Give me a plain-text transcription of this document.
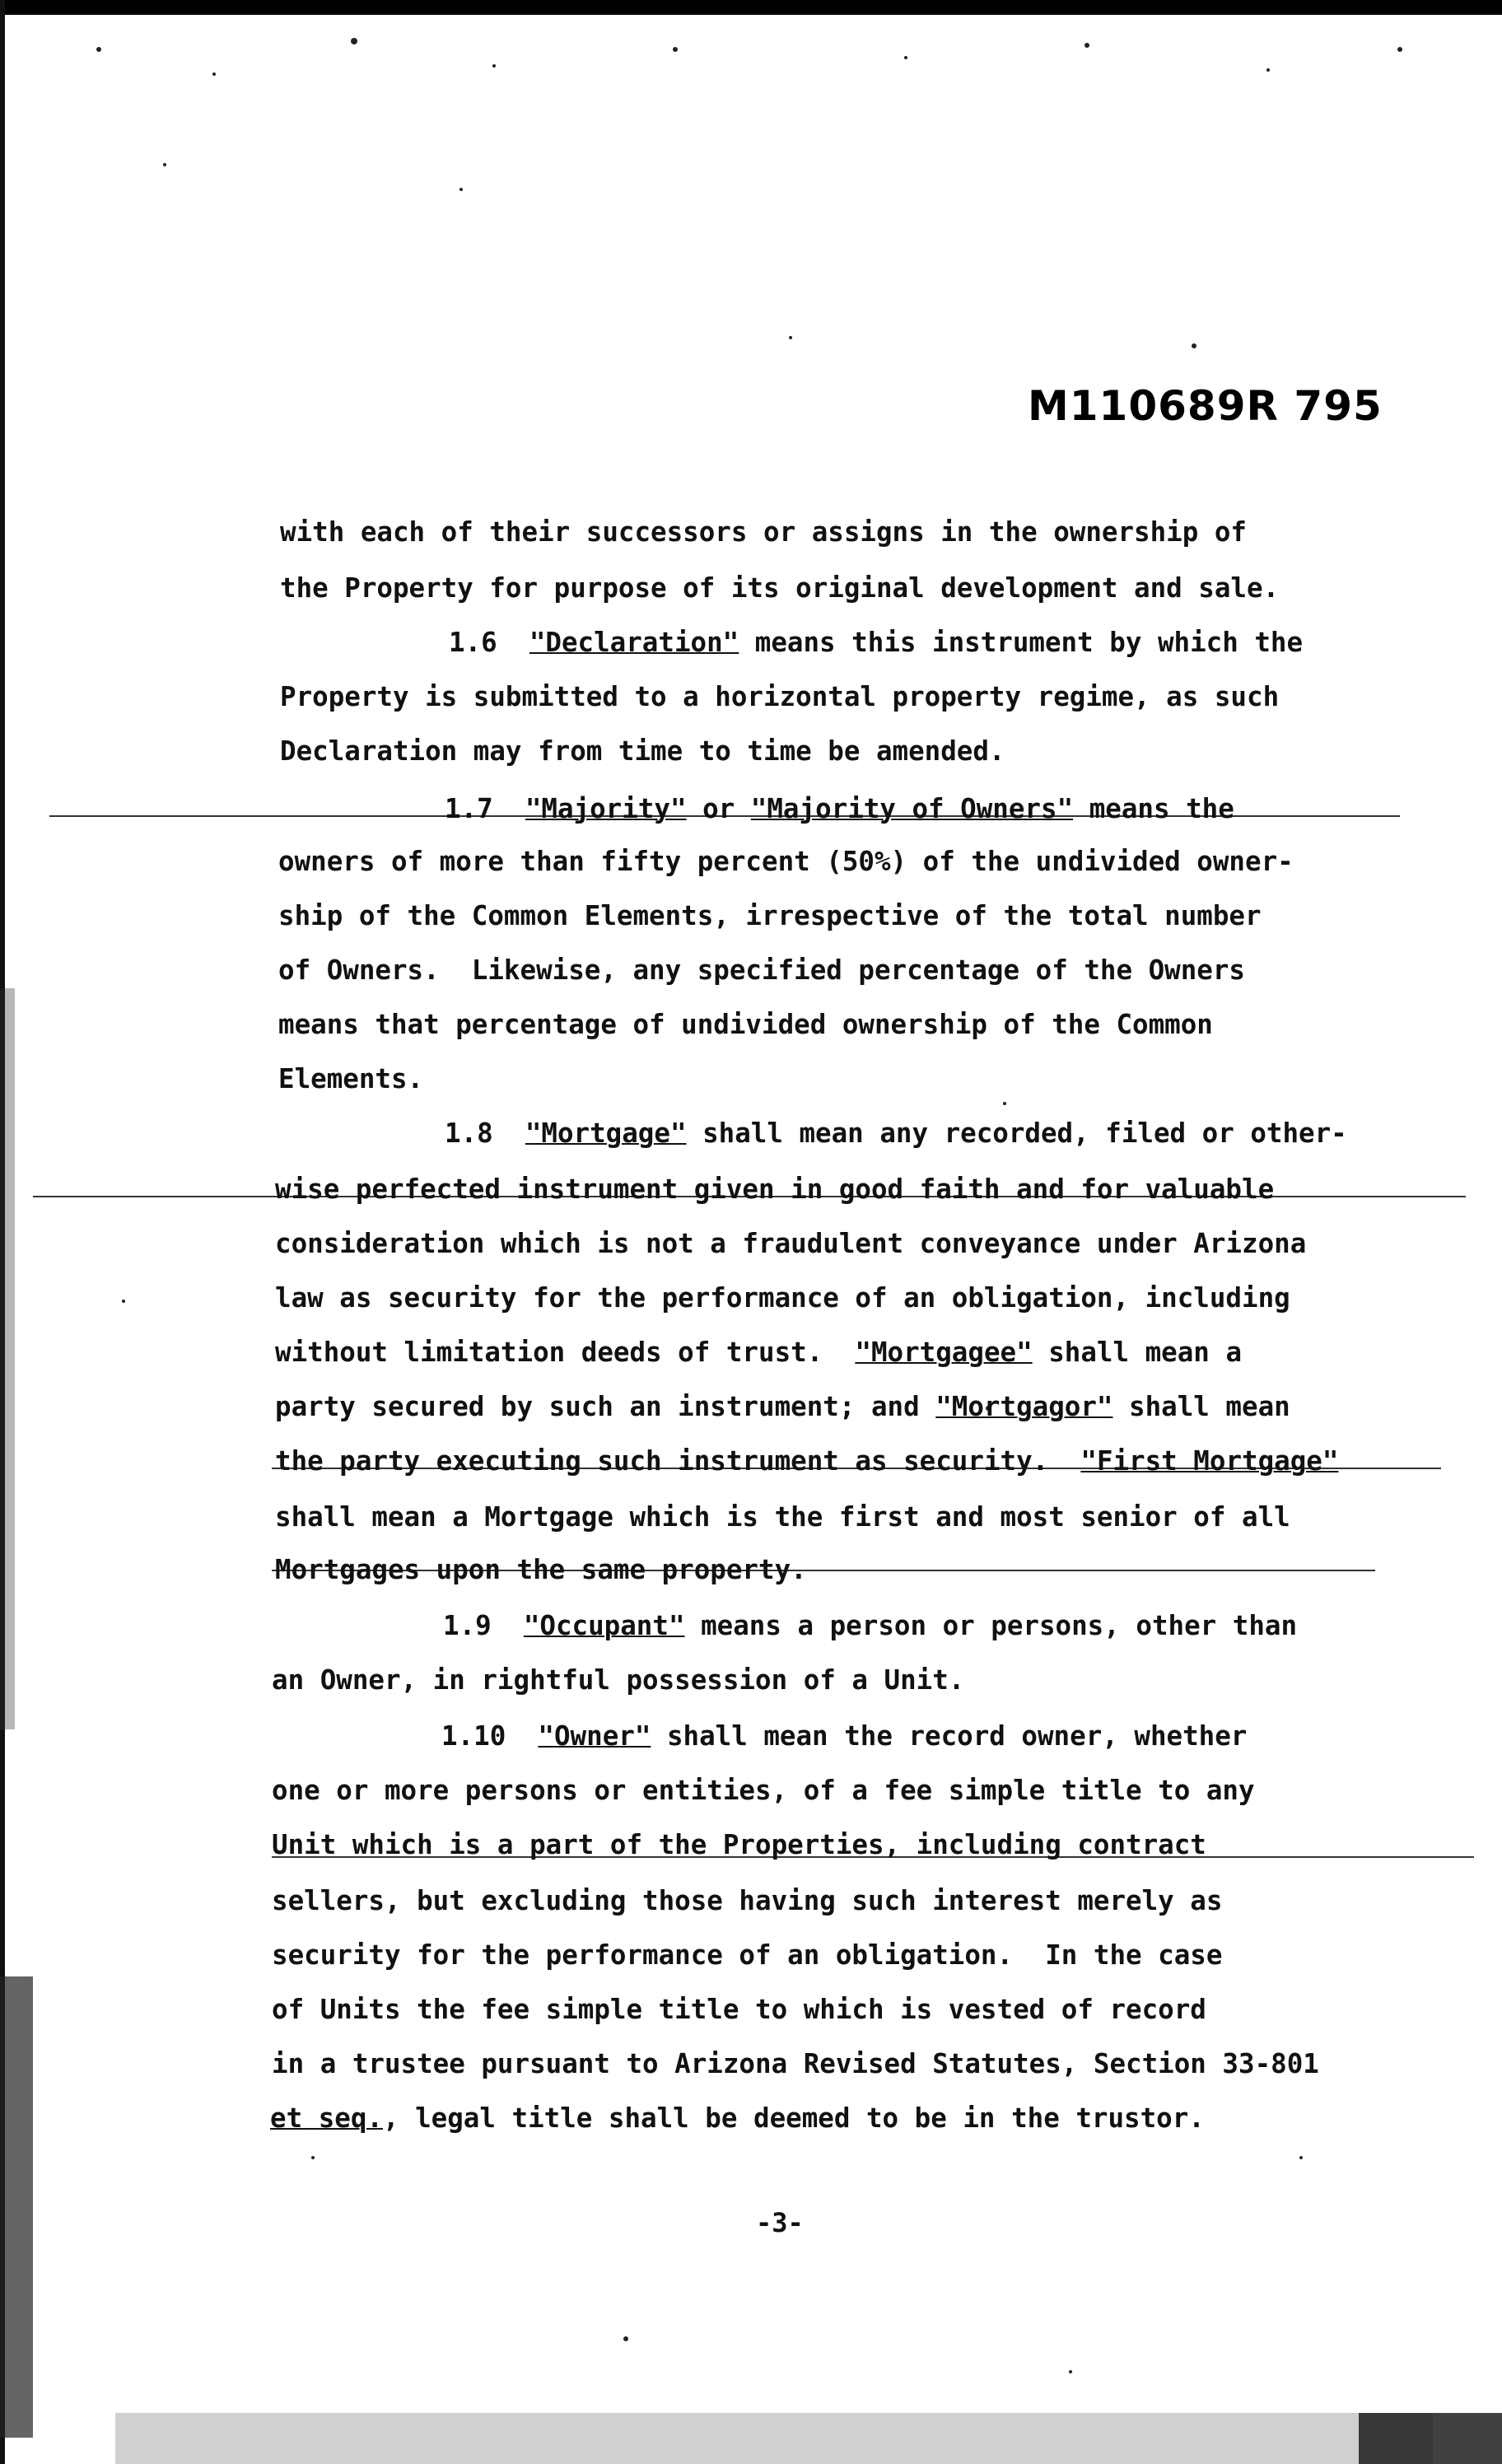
M110689R 795
with each of their successors or assigns in the ownership of
the Property for purpose of its original development and sale.
1.6 "Declaration" means this instrument by which the
Property is submitted to a horizontal property regime, as such
Declaration may from time to time be amended.
1.7 "Majority" or "Majority of Owners" means the
owners of more than fifty percent (50%) of the undivided owner-
ship of the Common Elements, irrespective of the total number
of Owners.  Likewise, any specified percentage of the Owners
means that percentage of undivided ownership of the Common
Elements.
1.8 "Mortgage" shall mean any recorded, filed or other-
wise perfected instrument given in good faith and for valuable
consideration which is not a fraudulent conveyance under Arizona
law as security for the performance of an obligation, including
without limitation deeds of trust.  "Mortgagee" shall mean a
party secured by such an instrument; and "Mortgagor" shall mean
the party executing such instrument as security.  "First Mortgage"
shall mean a Mortgage which is the first and most senior of all
Mortgages upon the same property.
1.9 "Occupant" means a person or persons, other than
an Owner, in rightful possession of a Unit.
1.10 "Owner" shall mean the record owner, whether
one or more persons or entities, of a fee simple title to any
Unit which is a part of the Properties, including contract
sellers, but excluding those having such interest merely as
security for the performance of an obligation.  In the case
of Units the fee simple title to which is vested of record
in a trustee pursuant to Arizona Revised Statutes, Section 33-801
et seq., legal title shall be deemed to be in the trustor.
-3-
